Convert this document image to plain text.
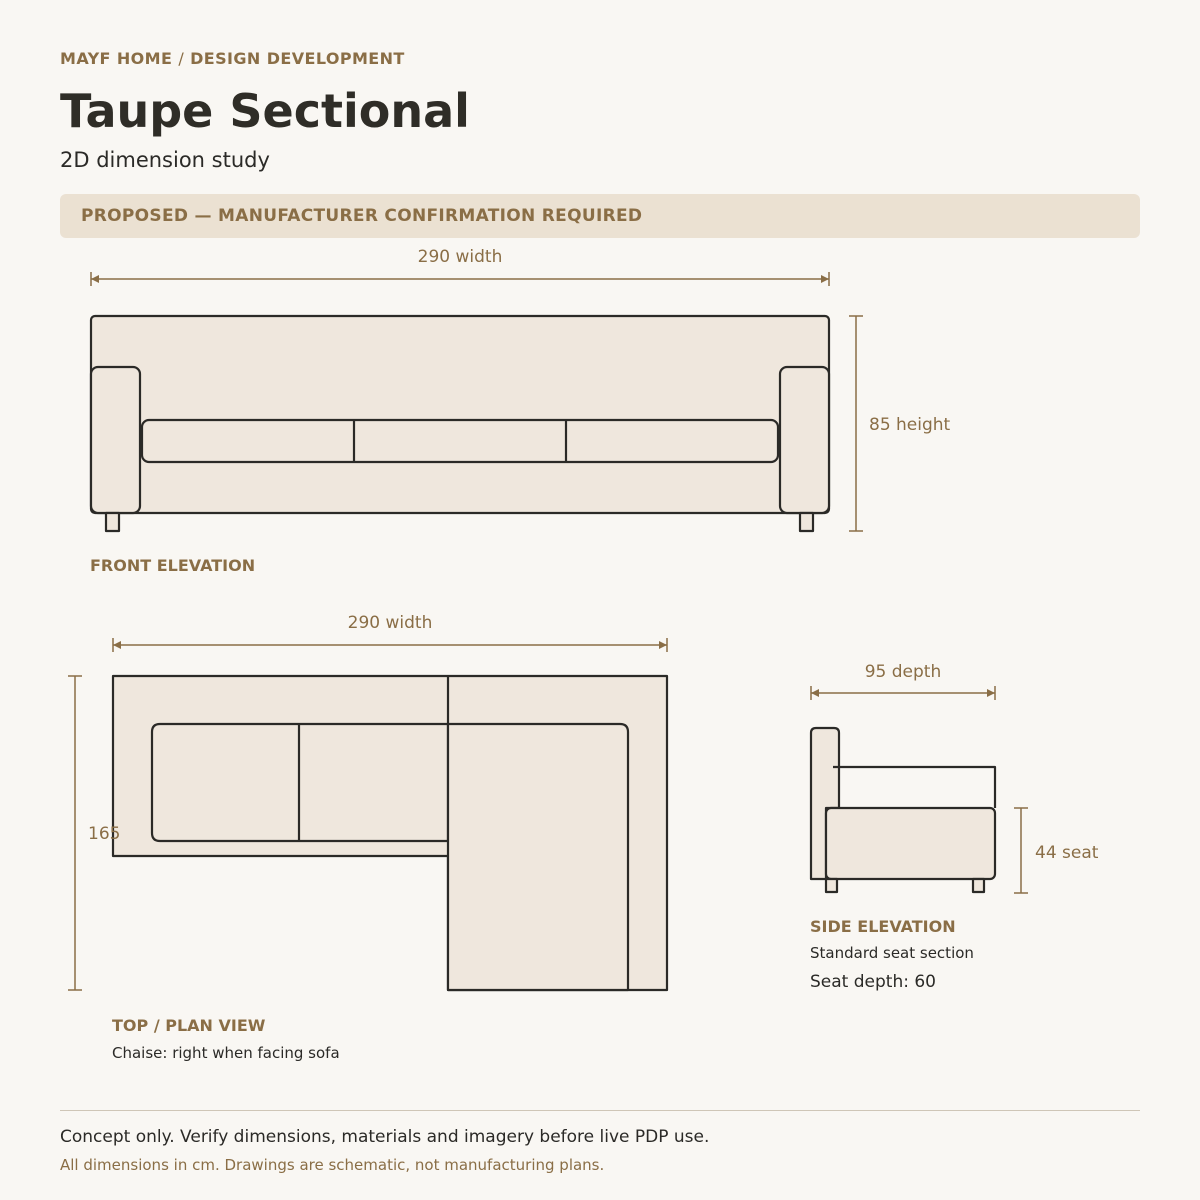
MAYF HOME / DESIGN DEVELOPMENT
Taupe Sectional
2D dimension study
PROPOSED — MANUFACTURER CONFIRMATION REQUIRED
290 width
85 height
290 width
165
95 depth
44 seat
FRONT ELEVATION
TOP / PLAN VIEW
Chaise: right when facing sofa
SIDE ELEVATION
Standard seat section
Seat depth: 60
Concept only. Verify dimensions, materials and imagery before live PDP use.
All dimensions in cm. Drawings are schematic, not manufacturing plans.
